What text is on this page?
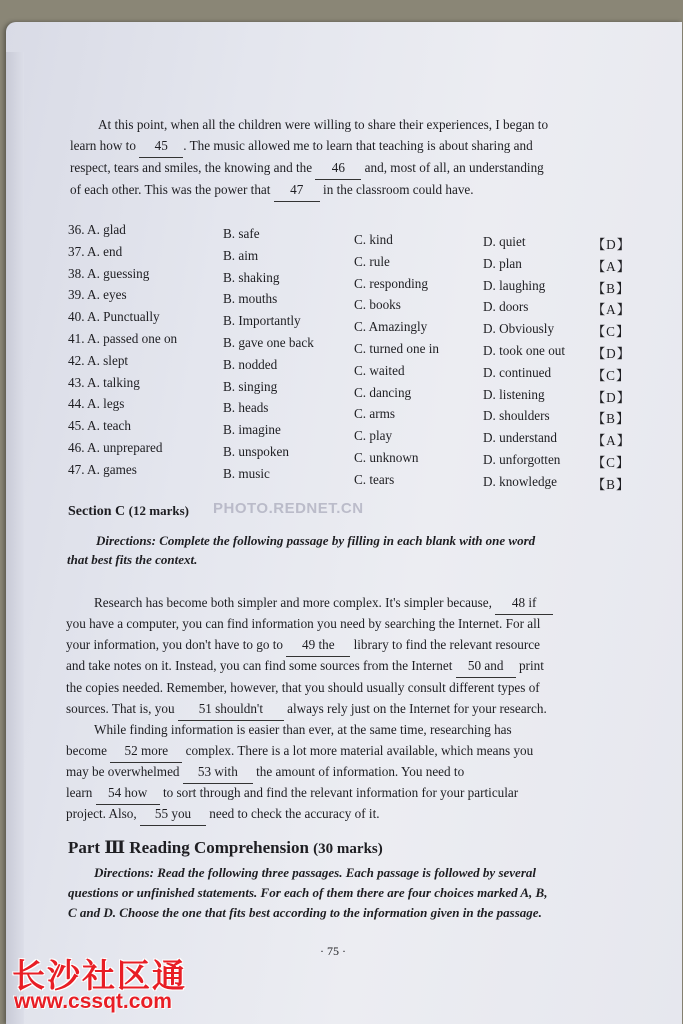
At this point, when all the children were willing to share their experiences, I began to

learn how to 45 . The music allowed me to learn that teaching is about sharing and

respect, tears and smiles, the knowing and the 46 and, most of all, an understanding

of each other. This was the power that 47 in the classroom could have.

36. A. glad	B. safe	C. kind	D. quiet	【D】
37. A. end	B. aim	C. rule	D. plan	【A】
38. A. guessing	B. shaking	C. responding	D. laughing	【B】
39. A. eyes	B. mouths	C. books	D. doors	【A】
40. A. Punctually	B. Importantly	C. Amazingly	D. Obviously	【C】
41. A. passed one on	B. gave one back	C. turned one in	D. took one out 【D】
42. A. slept	B. nodded	C. waited	D. continued	【C】
43. A. talking	B. singing	C. dancing	D. listening	【D】
44. A. legs	B. heads	C. arms	D. shoulders	【B】
45. A. teach	B. imagine	C. play	D. understand	【A】
46. A. unprepared	B. unspoken	C. unknown	D. unforgotten 【C】
47. A. games	B. music	C. tears	D. knowledge	【B】
PHOTO.REDNET.CN
Section C (12 marks)

Directions: Complete the following passage by filling in each blank with one word

that best fits the context.

Research has become both simpler and more complex. It's simpler because, 48 if

you have a computer, you can find information you need by searching the Internet. For all

your information, you don't have to go to 49 the library to find the relevant resource

and take notes on it. Instead, you can find some sources from the Internet 50 and print

the copies needed. Remember, however, that you should usually consult different types of

sources. That is, you 51 shouldn't always rely just on the Internet for your research.

While finding information is easier than ever, at the same time, researching has

become 52 more complex. There is a lot more material available, which means you

may be overwhelmed 53 with the amount of information. You need to

learn 54 how to sort through and find the relevant information for your particular

project. Also, 55 you need to check the accuracy of it.

Part Ⅲ Reading Comprehension (30 marks)

Directions: Read the following three passages. Each passage is followed by several

questions or unfinished statements. For each of them there are four choices marked A, B,

C and D. Choose the one that fits best according to the information given in the passage.

· 75 ·
长沙社区通
www.cssqt.com
